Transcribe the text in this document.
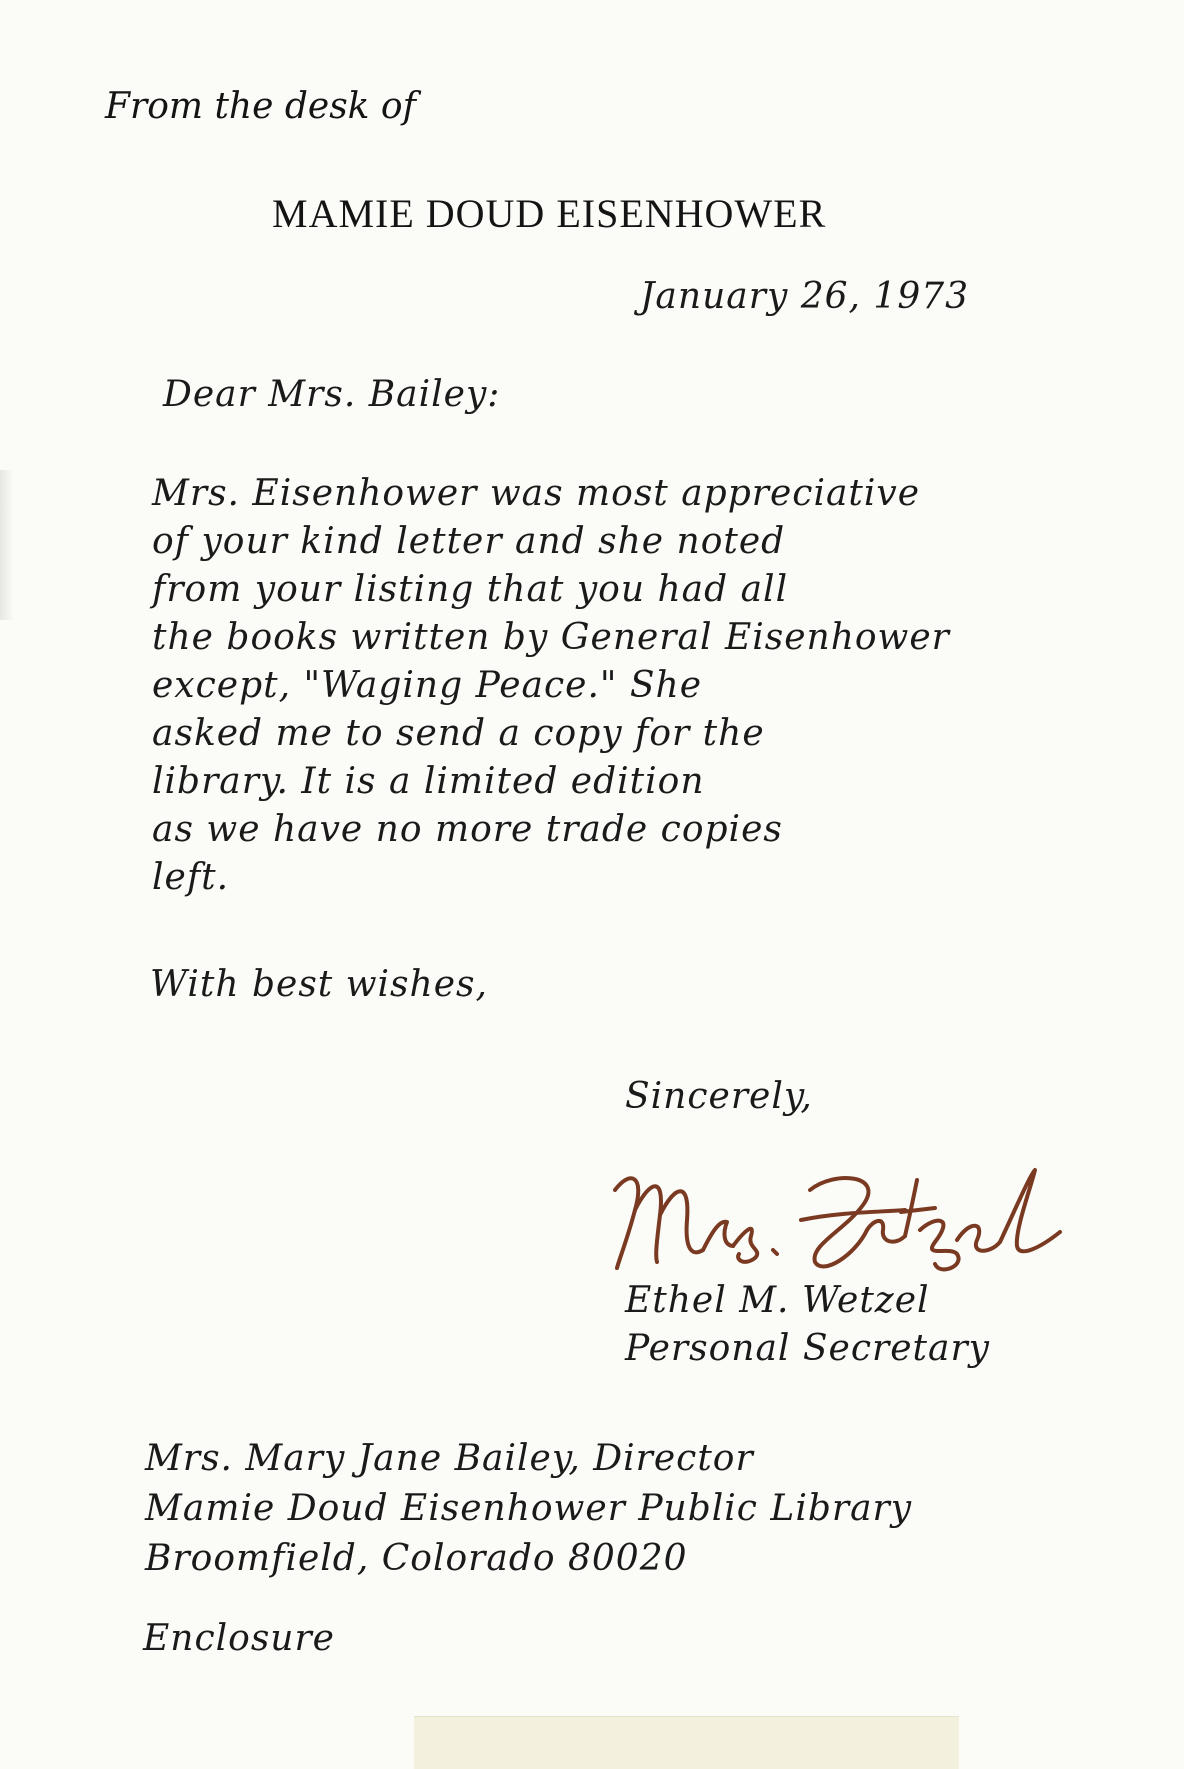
From the desk of
MAMIE DOUD EISENHOWER
January 26, 1973
Dear Mrs. Bailey:
Mrs. Eisenhower was most appreciative
of your kind letter and she noted
from your listing that you had all
the books written by General Eisenhower
except, "Waging Peace." She
asked me to send a copy for the
library. It is a limited edition
as we have no more trade copies
left.
With best wishes,
Sincerely,
Ethel M. Wetzel
Personal Secretary
Mrs. Mary Jane Bailey, Director
Mamie Doud Eisenhower Public Library
Broomfield, Colorado 80020
Enclosure
